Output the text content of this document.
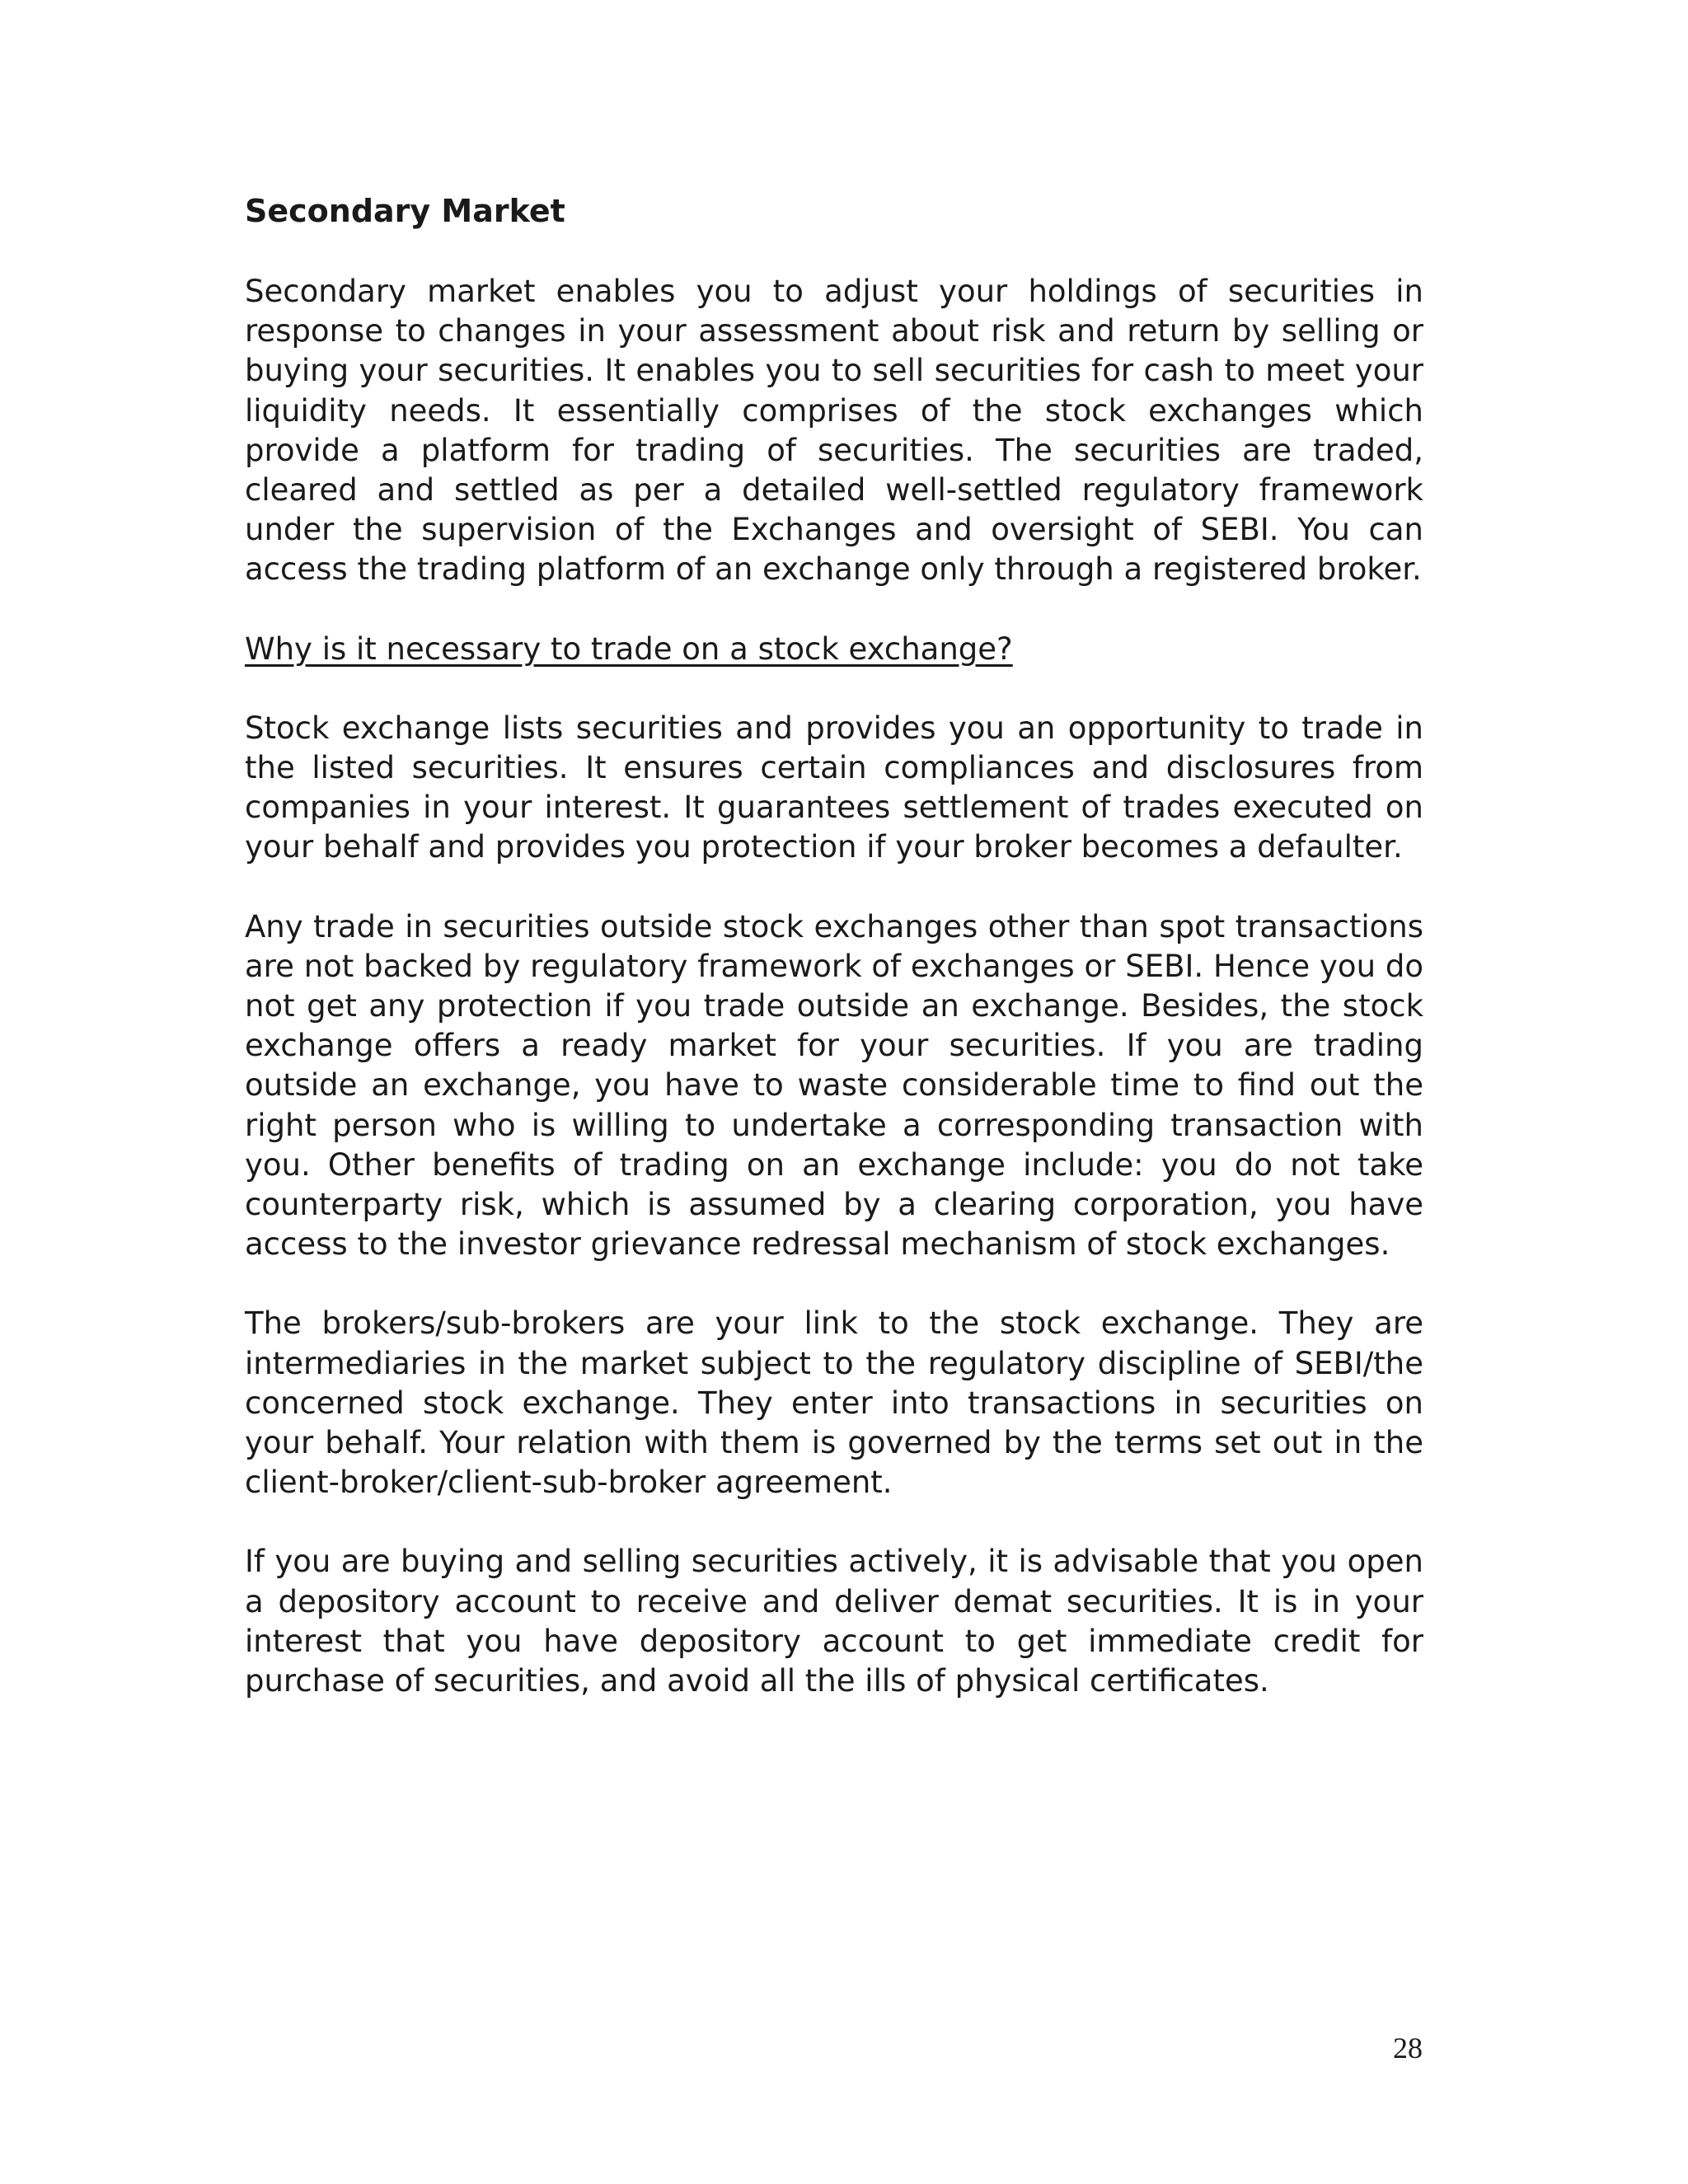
Secondary Market

Secondary market enables you to adjust your holdings of securities in response to changes in your assessment about risk and return by selling or buying your securities. It enables you to sell securities for cash to meet your liquidity needs. It essentially comprises of the stock exchanges which provide a platform for trading of securities. The securities are traded, cleared and settled as per a detailed well-settled regulatory framework under the supervision of the Exchanges and oversight of SEBI. You can access the trading platform of an exchange only through a registered broker.

Why is it necessary to trade on a stock exchange?

Stock exchange lists securities and provides you an opportunity to trade in the listed securities. It ensures certain compliances and disclosures from companies in your interest. It guarantees settlement of trades executed on your behalf and provides you protection if your broker becomes a defaulter.

Any trade in securities outside stock exchanges other than spot transactions are not backed by regulatory framework of exchanges or SEBI. Hence you do not get any protection if you trade outside an exchange. Besides, the stock exchange offers a ready market for your securities. If you are trading outside an exchange, you have to waste considerable time to find out the right person who is willing to undertake a corresponding transaction with you. Other benefits of trading on an exchange include: you do not take counterparty risk, which is assumed by a clearing corporation, you have access to the investor grievance redressal mechanism of stock exchanges.

The brokers/sub-brokers are your link to the stock exchange. They are intermediaries in the market subject to the regulatory discipline of SEBI/the concerned stock exchange. They enter into transactions in securities on your behalf. Your relation with them is governed by the terms set out in the client-broker/client-sub-broker agreement.

If you are buying and selling securities actively, it is advisable that you open a depository account to receive and deliver demat securities. It is in your interest that you have depository account to get immediate credit for purchase of securities, and avoid all the ills of physical certificates.

28
